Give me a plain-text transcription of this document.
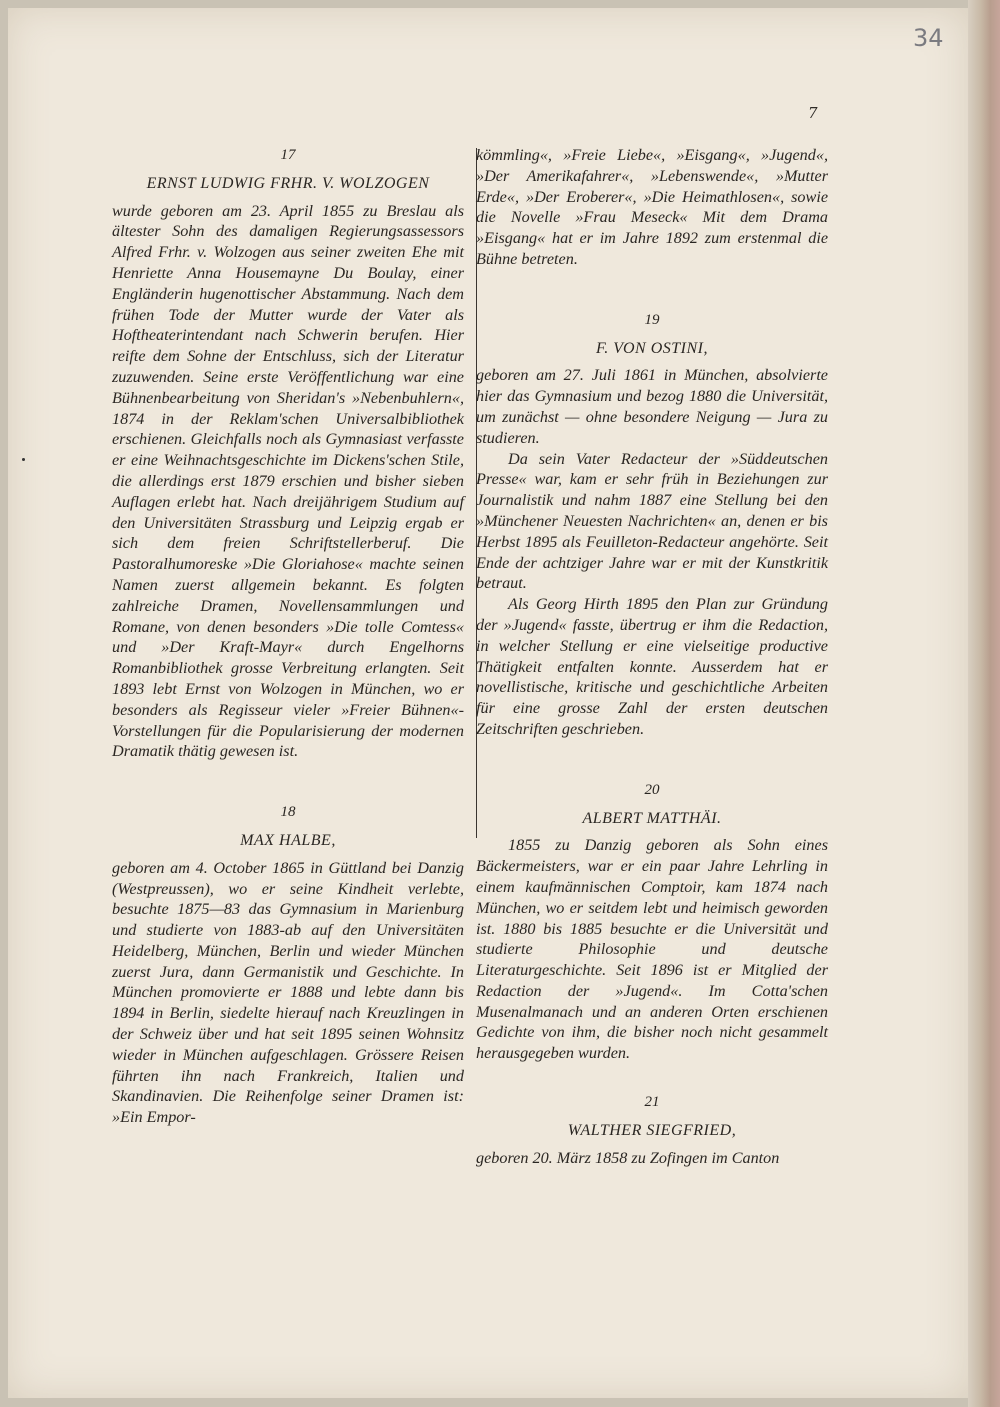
34
7

17

ERNST LUDWIG FRHR. V. WOLZOGEN

wurde geboren am 23. April 1855 zu Breslau als ältester Sohn des damaligen Regierungsassessors Alfred Frhr. v. Wolzogen aus seiner zweiten Ehe mit Henriette Anna Housemayne Du Boulay, einer Engländerin hugenottischer Abstammung. Nach dem frühen Tode der Mutter wurde der Vater als Hoftheaterintendant nach Schwerin berufen. Hier reifte dem Sohne der Entschluss, sich der Literatur zuzuwenden. Seine erste Veröffentlichung war eine Bühnenbearbeitung von Sheridan's »Nebenbuhlern«, 1874 in der Reklam'schen Universalbibliothek erschienen. Gleichfalls noch als Gymnasiast verfasste er eine Weihnachtsgeschichte im Dickens'schen Stile, die allerdings erst 1879 erschien und bisher sieben Auflagen erlebt hat. Nach dreijährigem Studium auf den Universitäten Strassburg und Leipzig ergab er sich dem freien Schriftstellerberuf. Die Pastoralhumoreske »Die Gloriahose« machte seinen Namen zuerst allgemein bekannt. Es folgten zahlreiche Dramen, Novellensammlungen und Romane, von denen besonders »Die tolle Comtess« und »Der Kraft-Mayr« durch Engelhorns Romanbibliothek grosse Verbreitung erlangten. Seit 1893 lebt Ernst von Wolzogen in München, wo er besonders als Regisseur vieler »Freier Bühnen«-Vorstellungen für die Popularisierung der modernen Dramatik thätig gewesen ist.

18

MAX HALBE,

geboren am 4. October 1865 in Güttland bei Danzig (Westpreussen), wo er seine Kindheit verlebte, besuchte 1875—83 das Gymnasium in Marienburg und studierte von 1883-ab auf den Universitäten Heidelberg, München, Berlin und wieder München zuerst Jura, dann Germanistik und Geschichte. In München promovierte er 1888 und lebte dann bis 1894 in Berlin, siedelte hierauf nach Kreuzlingen in der Schweiz über und hat seit 1895 seinen Wohnsitz wieder in München aufgeschlagen. Grössere Reisen führten ihn nach Frankreich, Italien und Skandinavien. Die Reihenfolge seiner Dramen ist: »Ein Empor-

kömmling«, »Freie Liebe«, »Eisgang«, »Jugend«, »Der Amerikafahrer«, »Lebenswende«, »Mutter Erde«, »Der Eroberer«, »Die Heimathlosen«, sowie die Novelle »Frau Meseck« Mit dem Drama »Eisgang« hat er im Jahre 1892 zum erstenmal die Bühne betreten.

19

F. VON OSTINI,

geboren am 27. Juli 1861 in München, absolvierte hier das Gymnasium und bezog 1880 die Universität, um zunächst — ohne besondere Neigung — Jura zu studieren.

Da sein Vater Redacteur der »Süddeutschen Presse« war, kam er sehr früh in Beziehungen zur Journalistik und nahm 1887 eine Stellung bei den »Münchener Neuesten Nachrichten« an, denen er bis Herbst 1895 als Feuilleton-Redacteur angehörte. Seit Ende der achtziger Jahre war er mit der Kunstkritik betraut.

Als Georg Hirth 1895 den Plan zur Gründung der »Jugend« fasste, übertrug er ihm die Redaction, in welcher Stellung er eine vielseitige productive Thätigkeit entfalten konnte. Ausserdem hat er novellistische, kritische und geschichtliche Arbeiten für eine grosse Zahl der ersten deutschen Zeitschriften geschrieben.

20

ALBERT MATTHÄI.

1855 zu Danzig geboren als Sohn eines Bäckermeisters, war er ein paar Jahre Lehrling in einem kaufmännischen Comptoir, kam 1874 nach München, wo er seitdem lebt und heimisch geworden ist. 1880 bis 1885 besuchte er die Universität und studierte Philosophie und deutsche Literaturgeschichte. Seit 1896 ist er Mitglied der Redaction der »Jugend«. Im Cotta'schen Musenalmanach und an anderen Orten erschienen Gedichte von ihm, die bisher noch nicht gesammelt herausgegeben wurden.

21

WALTHER SIEGFRIED,

geboren 20. März 1858 zu Zofingen im Canton
